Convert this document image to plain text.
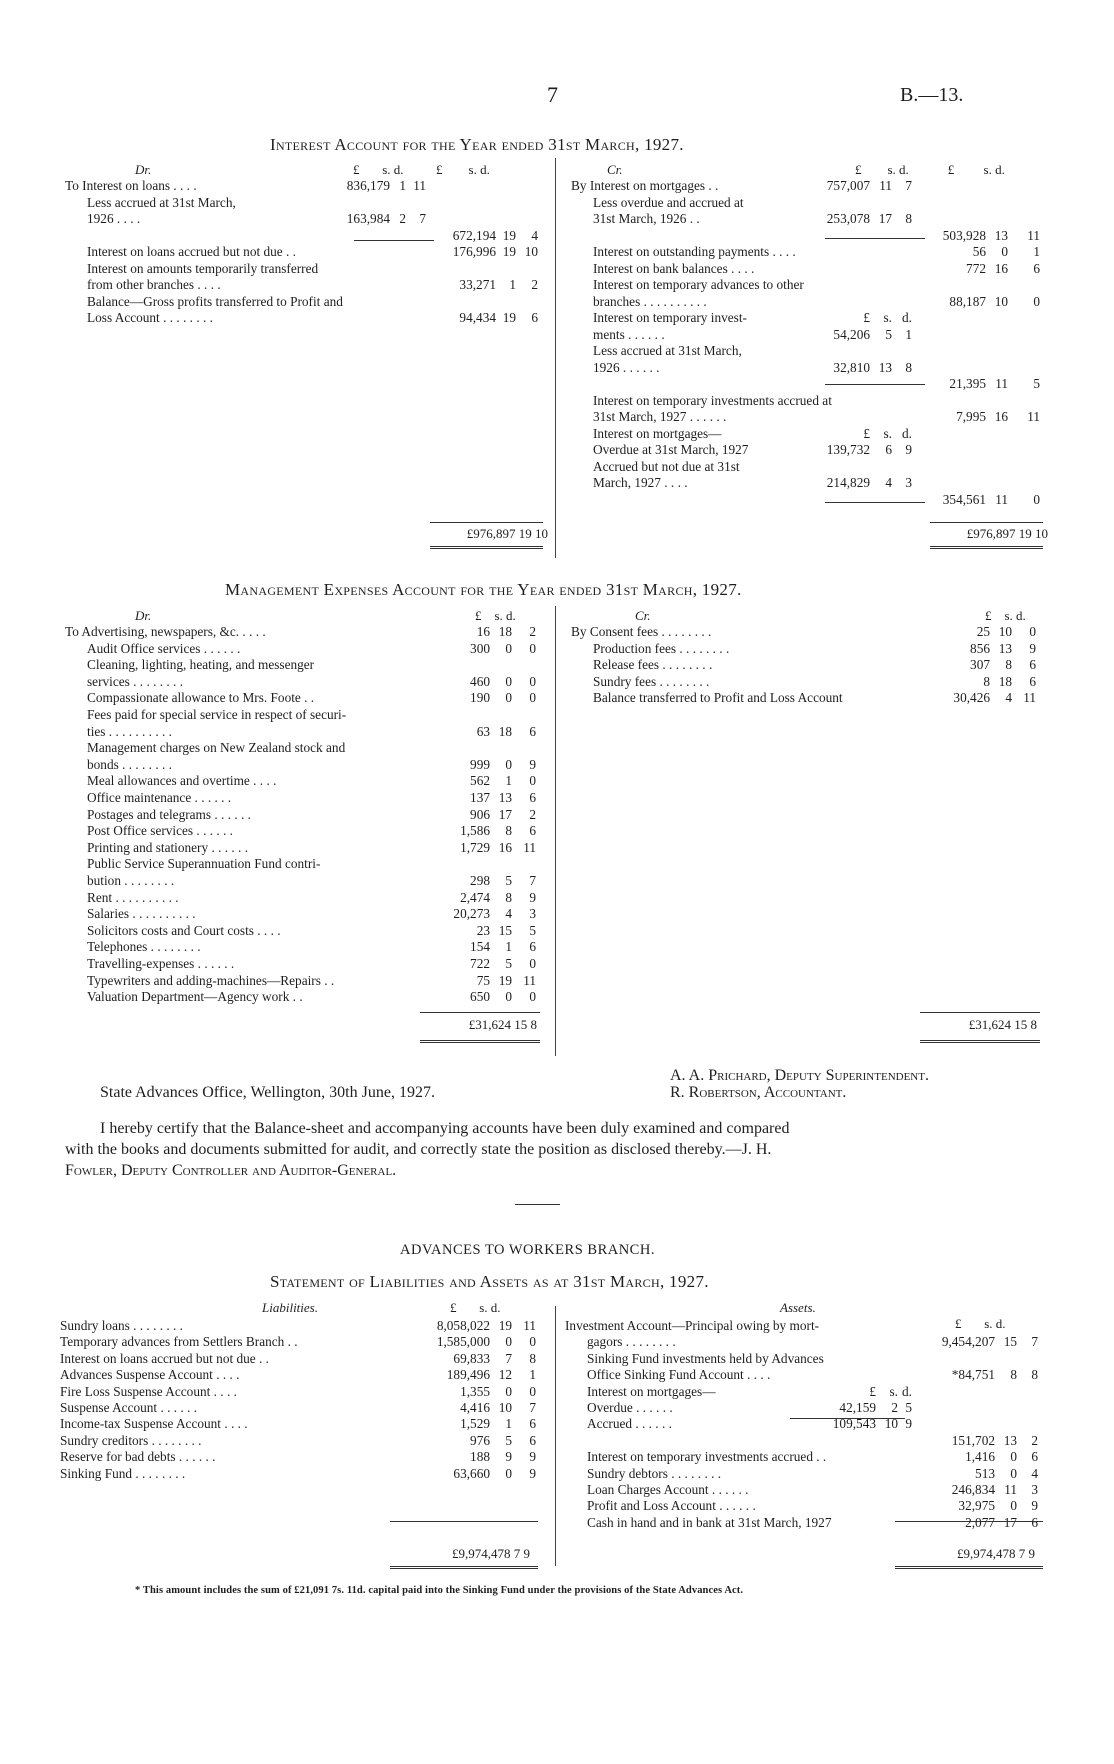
7	B.—13.
Interest Account for the Year ended 31st March, 1927.
Dr.	£       s. d.          £        s. d.	Cr.	£        s. d.            £         s. d.
To Interest on loans . . . .	836,179 1 11
Less accrued at 31st March,
1926 . . . .	163,984 2	7
672,194 19	4
Interest on loans accrued but not due . .	176,996 19 10
Interest on amounts temporarily transferred
from other branches . . . .	33,271	1	2
Balance—Gross profits transferred to Profit and
Loss Account . . . . . . . .	94,434 19	6
By Interest on mortgages . .	757,007 11	7
Less overdue and accrued at
31st March, 1926 . .	253,078 17	8
503,928 13	11
Interest on outstanding payments . . . .	56	0	1
Interest on bank balances . . . .	772 16	6
Interest on temporary advances to other
branches . . . . . . . . . .	88,187 10	0
Interest on temporary invest-	£	s. d.
ments . . . . . .	54,206	5	1
Less accrued at 31st March,
1926 . . . . . .	32,810 13	8
21,395 11	5
Interest on temporary investments accrued at
31st March, 1927 . . . . . .	7,995 16	11
Interest on mortgages—	£	s. d.
Overdue at 31st March, 1927	139,732	6	9
Accrued but not due at 31st
March, 1927 . . . .	214,829	4	3
354,561 11	0
£976,897 19 10	£976,897 19 10
Management Expenses Account for the Year ended 31st March, 1927.
Dr.	£    s. d.	Cr.	£    s. d.
To Advertising, newspapers, &c. . . . .	16 18	2
Audit Office services . . . . . .	300	0	0
Cleaning, lighting, heating, and messenger
services . . . . . . . .	460	0	0
Compassionate allowance to Mrs. Foote . .	190	0	0
Fees paid for special service in respect of securi-
ties . . . . . . . . . .	63 18	6
Management charges on New Zealand stock and
bonds . . . . . . . .	999	0	9
Meal allowances and overtime . . . .	562	1	0
Office maintenance . . . . . .	137 13	6
Postages and telegrams . . . . . .	906 17	2
Post Office services . . . . . .	1,586	8	6
Printing and stationery . . . . . .	1,729 16 11
Public Service Superannuation Fund contri-
bution . . . . . . . .	298	5	7
Rent . . . . . . . . . .	2,474	8	9
Salaries . . . . . . . . . .	20,273	4	3
Solicitors costs and Court costs . . . .	23 15	5
Telephones . . . . . . . .	154	1	6
Travelling-expenses . . . . . .	722	5	0
Typewriters and adding-machines—Repairs . .	75 19 11
Valuation Department—Agency work . .	650	0	0
By Consent fees . . . . . . . .	25 10	0
Production fees . . . . . . . .	856 13	9
Release fees . . . . . . . .	307	8	6
Sundry fees . . . . . . . .	8 18	6
Balance transferred to Profit and Loss Account	30,426	4 11
£31,624 15 8	£31,624 15 8
A. A. Prichard, Deputy Superintendent.
State Advances Office, Wellington, 30th June, 1927.	R. Robertson, Accountant.
I hereby certify that the Balance-sheet and accompanying accounts have been duly examined and compared
with the books and documents submitted for audit, and correctly state the position as disclosed thereby.—J. H.
Fowler, Deputy Controller and Auditor-General.
ADVANCES TO WORKERS BRANCH.
Statement of Liabilities and Assets as at 31st March, 1927.
Liabilities.	£       s. d.	Assets.
£       s. d.
Sundry loans . . . . . . . .	8,058,022 19 11
Temporary advances from Settlers Branch . .	1,585,000	0	0
Interest on loans accrued but not due . .	69,833	7	8
Advances Suspense Account . . . .	189,496 12	1
Fire Loss Suspense Account . . . .	1,355	0	0
Suspense Account . . . . . .	4,416 10	7
Income-tax Suspense Account . . . .	1,529	1	6
Sundry creditors . . . . . . . .	976	5	6
Reserve for bad debts . . . . . .	188	9	9
Sinking Fund . . . . . . . .	63,660	0	9
Investment Account—Principal owing by mort-
gagors . . . . . . . .	9,454,207 15	7
Sinking Fund investments held by Advances
Office Sinking Fund Account . . . .	*84,751	8	8
Interest on mortgages—	£	s. d.
Overdue . . . . . .	42,159	2 5
Accrued . . . . . .	109,543 10 9
151,702 13	2
Interest on temporary investments accrued . .	1,416	0	6
Sundry debtors . . . . . . . .	513	0	4
Loan Charges Account . . . . . .	246,834 11	3
Profit and Loss Account . . . . . .	32,975	0	9
Cash in hand and in bank at 31st March, 1927	2,077 17	6
£9,974,478 7 9	£9,974,478 7 9
* This amount includes the sum of £21,091 7s. 11d. capital paid into the Sinking Fund under the provisions of the State Advances Act.
